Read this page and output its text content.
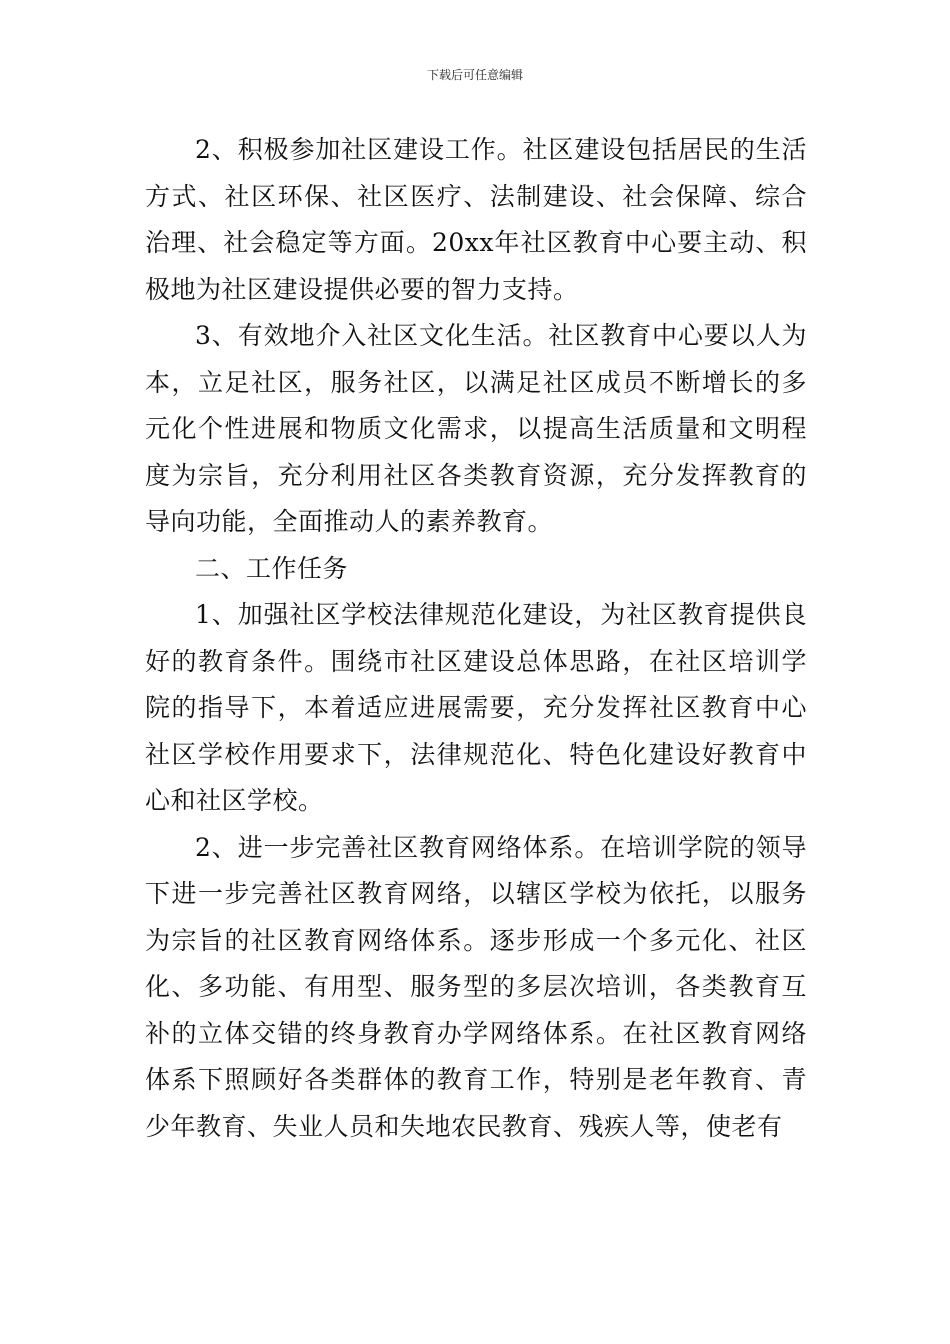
下载后可任意编辑

2、积极参加社区建设工作。社区建设包括居民的生活方式、社区环保、社区医疗、法制建设、社会保障、综合治理、社会稳定等方面。20xx年社区教育中心要主动、积极地为社区建设提供必要的智力支持。

3、有效地介入社区文化生活。社区教育中心要以人为本，立足社区，服务社区，以满足社区成员不断增长的多元化个性进展和物质文化需求，以提高生活质量和文明程度为宗旨，充分利用社区各类教育资源，充分发挥教育的导向功能，全面推动人的素养教育。

二、工作任务

1、加强社区学校法律规范化建设，为社区教育提供良好的教育条件。围绕市社区建设总体思路，在社区培训学院的指导下，本着适应进展需要，充分发挥社区教育中心社区学校作用要求下，法律规范化、特色化建设好教育中心和社区学校。

2、进一步完善社区教育网络体系。在培训学院的领导下进一步完善社区教育网络，以辖区学校为依托，以服务为宗旨的社区教育网络体系。逐步形成一个多元化、社区化、多功能、有用型、服务型的多层次培训，各类教育互补的立体交错的终身教育办学网络体系。在社区教育网络体系下照顾好各类群体的教育工作，特别是老年教育、青少年教育、失业人员和失地农民教育、残疾人等，使老有
